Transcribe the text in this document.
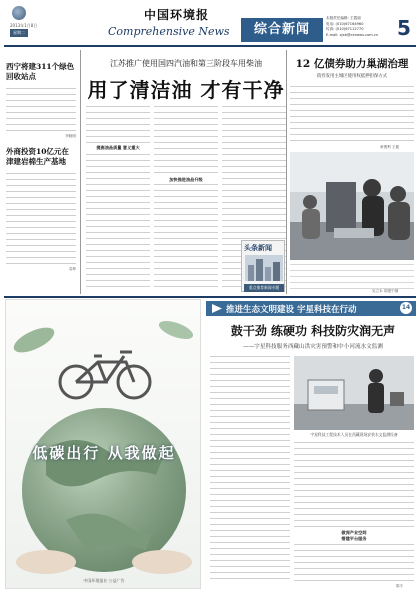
2013年1月8日
星期二
中国环境报
Comprehensive News	综合新闻
本版责任编辑: 王霞丽
电话: (010)67164960
传真: (010)67112770
E-mail: zjxb@cenews.com.cn 5
西宁将建311个绿色回收站点
李晓明
外商投资10亿元在津建岩棉生产基地
袁坤
江苏推广使用国四汽油和第三阶段车用柴油
用了清洁油 才有干净
提高油品质量 意义重大
加快推进油品升级
12 亿债券助力巢湖治理
债券发用主城区使用权抵押担保方式
黄俊利 王健
吴立本 胡建中摄
头条新闻
重点推荐新闻专题
低碳出行 从我做起
中国环境报社 公益广告
推进生态文明建设 宇星科技在行动	14
鼓干劲 练硬功 科技防灾润无声
——宇星科技服务西藏山洪灾害预警和中小河流水文监测
宇星科技工程技术人员在西藏现场安装水文监测设备
做深产业空间
搭建平台服务
陈宇
